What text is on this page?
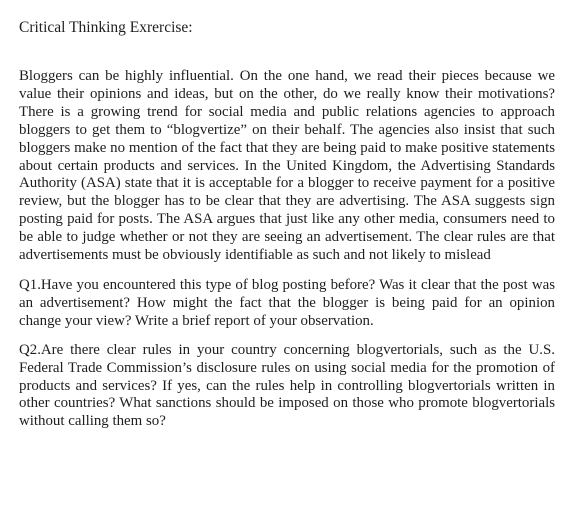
Critical Thinking Exrercise:

Bloggers can be highly influential. On the one hand, we read their pieces because we value their opinions and ideas, but on the other, do we really know their motivations? There is a growing trend for social media and public relations agencies to approach bloggers to get them to “blogvertize” on their behalf. The agencies also insist that such bloggers make no mention of the fact that they are being paid to make positive statements about certain products and services. In the United Kingdom, the Advertising Standards Authority (ASA) state that it is acceptable for a blogger to receive payment for a positive review, but the blogger has to be clear that they are advertising. The ASA suggests sign posting paid for posts. The ASA argues that just like any other media, consumers need to be able to judge whether or not they are seeing an advertisement. The clear rules are that advertisements must be obviously identifiable as such and not likely to mislead

Q1.Have you encountered this type of blog posting before? Was it clear that the post was an advertisement? How might the fact that the blogger is being paid for an opinion change your view? Write a brief report of your observation.

Q2.Are there clear rules in your country concerning blogvertorials, such as the U.S. Federal Trade Commission’s disclosure rules on using social media for the promotion of products and services? If yes, can the rules help in controlling blogvertorials written in other countries? What sanctions should be imposed on those who promote blogvertorials without calling them so?
